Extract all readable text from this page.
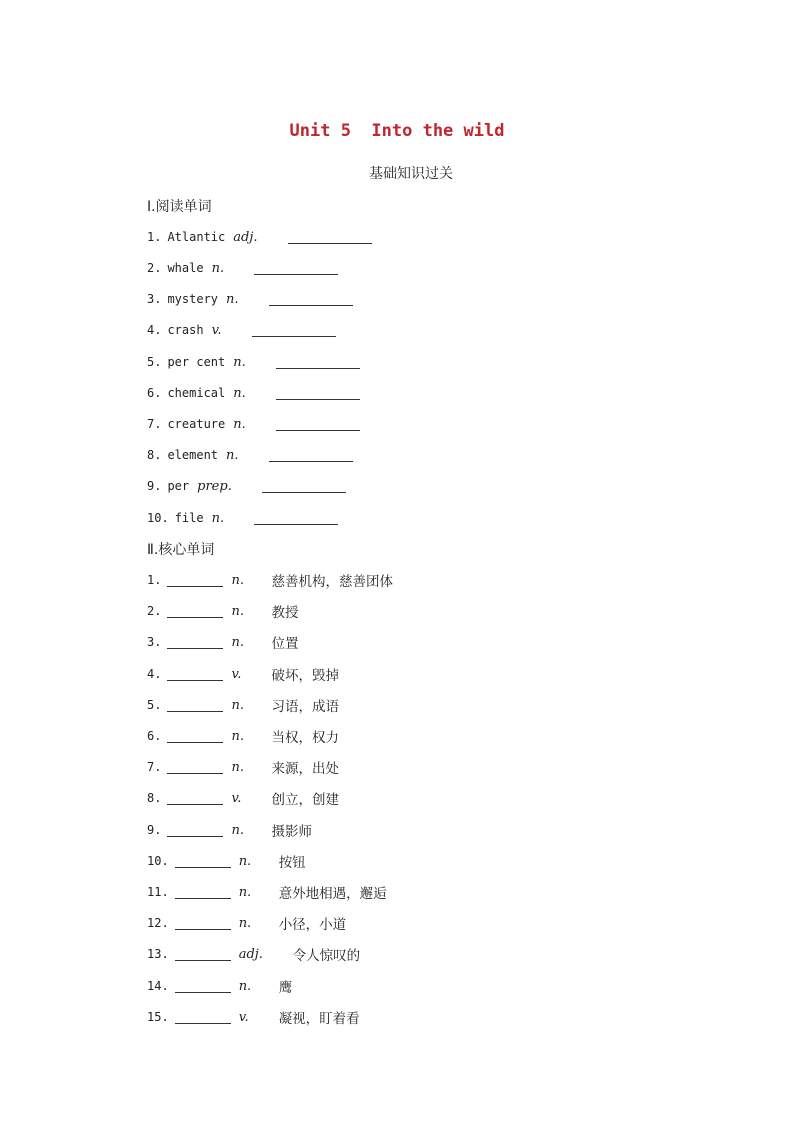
Unit 5  Into the wild
基础知识过关
Ⅰ.阅读单词
1. Atlantic adj.
2. whale n.
3. mystery n.
4. crash v.
5. per cent n.
6. chemical n.
7. creature n.
8. element n.
9. per prep.
10. file n.
Ⅱ.核心单词
1.	n.	慈善机构，慈善团体
2.	n.	教授
3.	n.	位置
4.	v.	破坏，毁掉
5.	n.	习语，成语
6.	n.	当权，权力
7.	n.	来源，出处
8.	v.	创立，创建
9.	n.	摄影师
10.	n.	按钮
11.	n.	意外地相遇，邂逅
12.	n.	小径，小道
13.	adj.	令人惊叹的
14.	n.	鹰
15.	v.	凝视，盯着看
